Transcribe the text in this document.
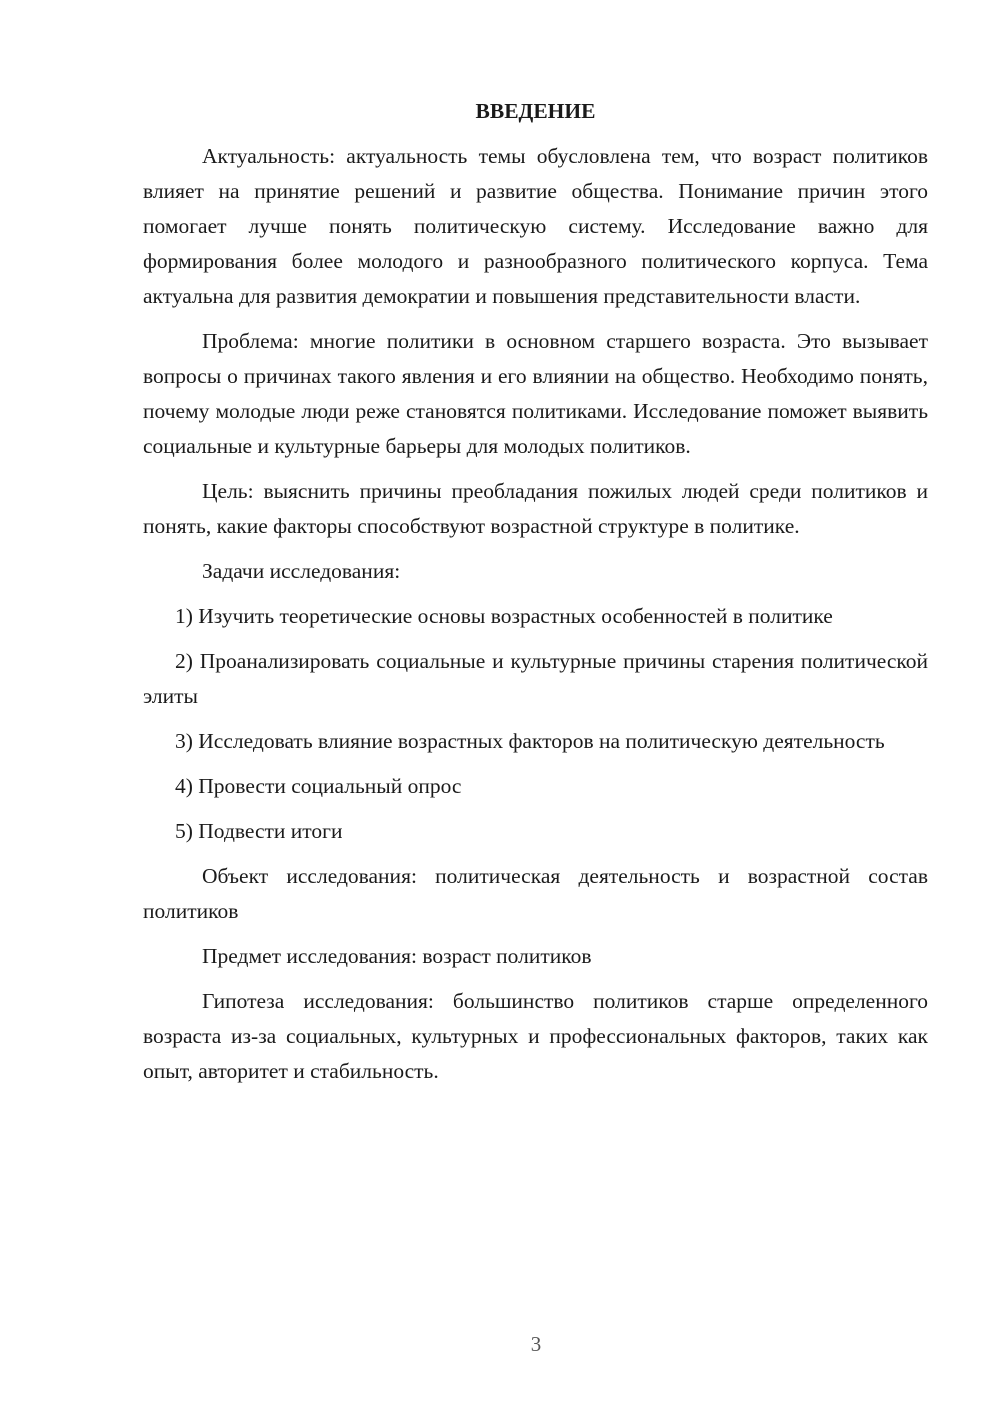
ВВЕДЕНИЕ

Актуальность: актуальность темы обусловлена тем, что возраст политиков влияет на принятие решений и развитие общества. Понимание причин этого помогает лучше понять политическую систему. Исследование важно для формирования более молодого и разнообразного политического корпуса. Тема актуальна для развития демократии и повышения представительности власти.

Проблема: многие политики в основном старшего возраста. Это вызывает вопросы о причинах такого явления и его влиянии на общество. Необходимо понять, почему молодые люди реже становятся политиками. Исследование поможет выявить социальные и культурные барьеры для молодых политиков.

Цель: выяснить причины преобладания пожилых людей среди политиков и понять, какие факторы способствуют возрастной структуре в политике.

Задачи исследования:

1) Изучить теоретические основы возрастных особенностей в политике

2) Проанализировать социальные и культурные причины старения политической элиты

3) Исследовать влияние возрастных факторов на политическую деятельность

4) Провести социальный опрос

5) Подвести итоги

Объект исследования: политическая деятельность и возрастной состав политиков

Предмет исследования: возраст политиков

Гипотеза исследования: большинство политиков старше определенного возраста из-за социальных, культурных и профессиональных факторов, таких как опыт, авторитет и стабильность.

3
